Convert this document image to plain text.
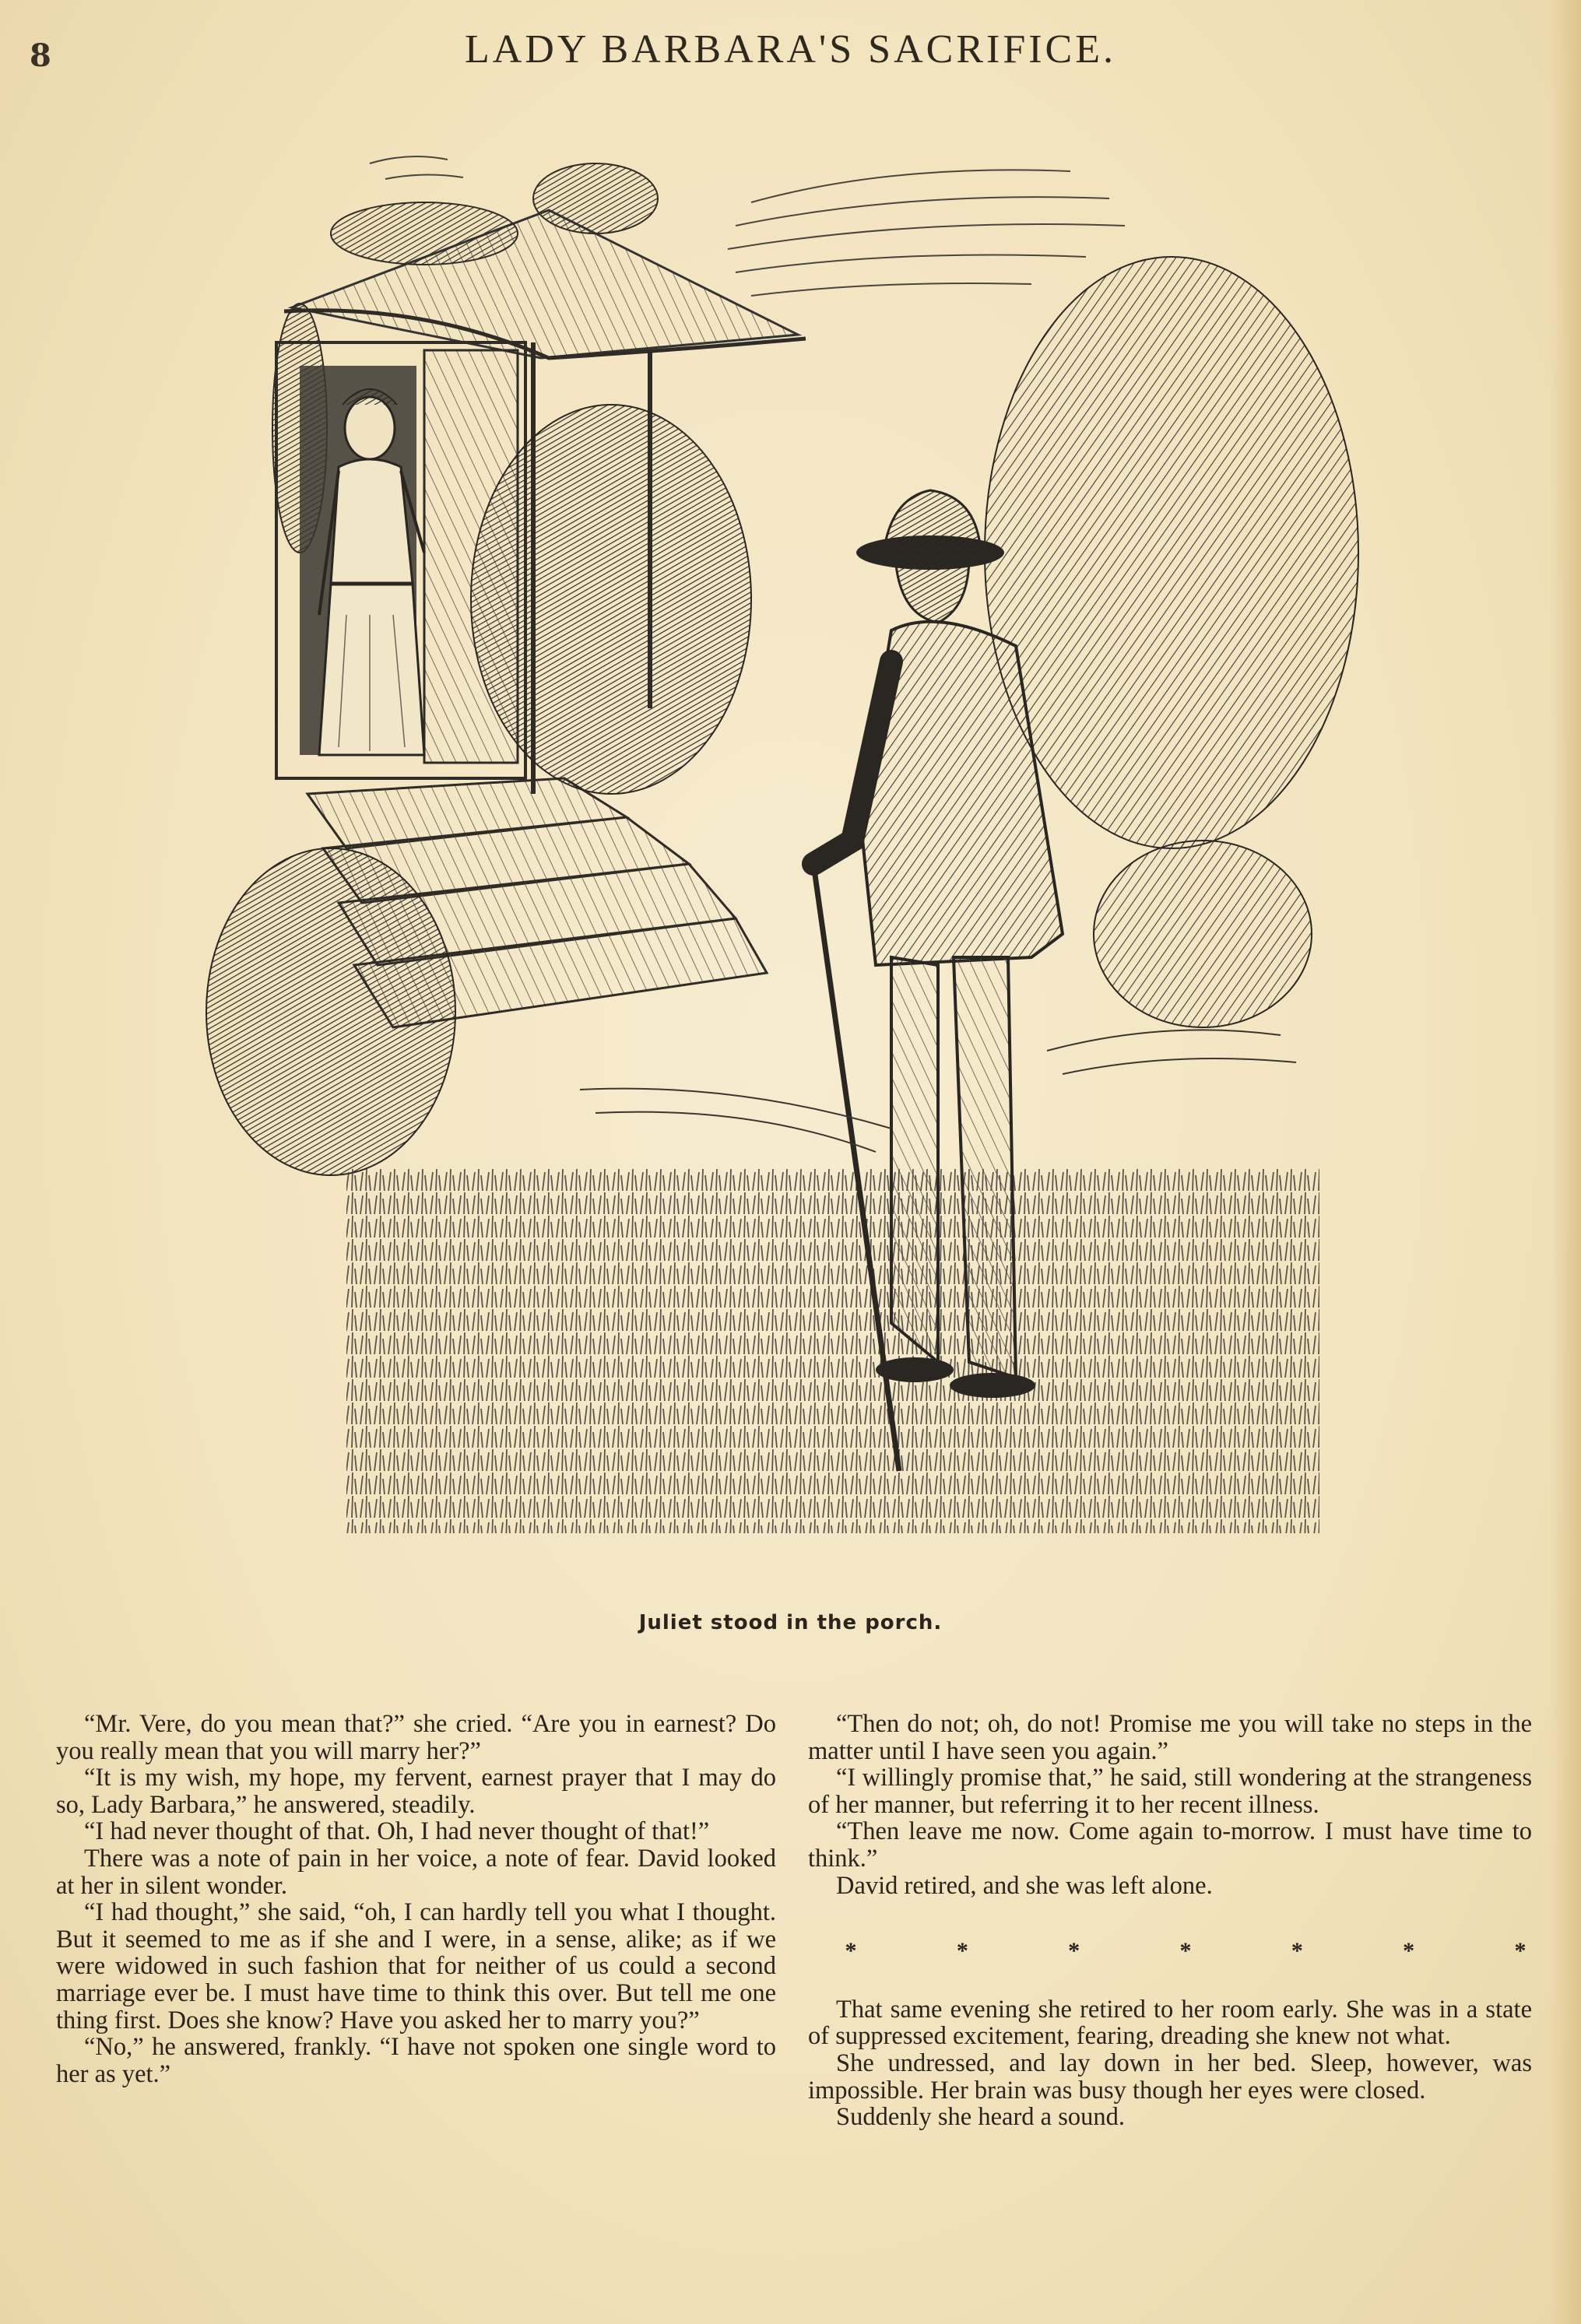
8	LADY BARBARA'S SACRIFICE.
Juliet stood in the porch.

“Mr. Vere, do you mean that?” she cried. “Are you in earnest? Do you really mean that you will marry her?”

“It is my wish, my hope, my fervent, earnest prayer that I may do so, Lady Barbara,” he answered, steadily.

“I had never thought of that. Oh, I had never thought of that!”

There was a note of pain in her voice, a note of fear. David looked at her in silent wonder.

“I had thought,” she said, “oh, I can hardly tell you what I thought. But it seemed to me as if she and I were, in a sense, alike; as if we were widowed in such fashion that for neither of us could a second marriage ever be. I must have time to think this over. But tell me one thing first. Does she know? Have you asked her to marry you?”

“No,” he answered, frankly. “I have not spoken one single word to her as yet.”

“Then do not; oh, do not! Promise me you will take no steps in the matter until I have seen you again.”

“I willingly promise that,” he said, still wondering at the strangeness of her manner, but referring it to her recent illness.

“Then leave me now. Come again to-morrow. I must have time to think.”

David retired, and she was left alone.

*	*	*	*	*	*	*

That same evening she retired to her room early. She was in a state of suppressed excitement, fearing, dreading she knew not what.

She undressed, and lay down in her bed. Sleep, however, was impossible. Her brain was busy though her eyes were closed.

Suddenly she heard a sound.
